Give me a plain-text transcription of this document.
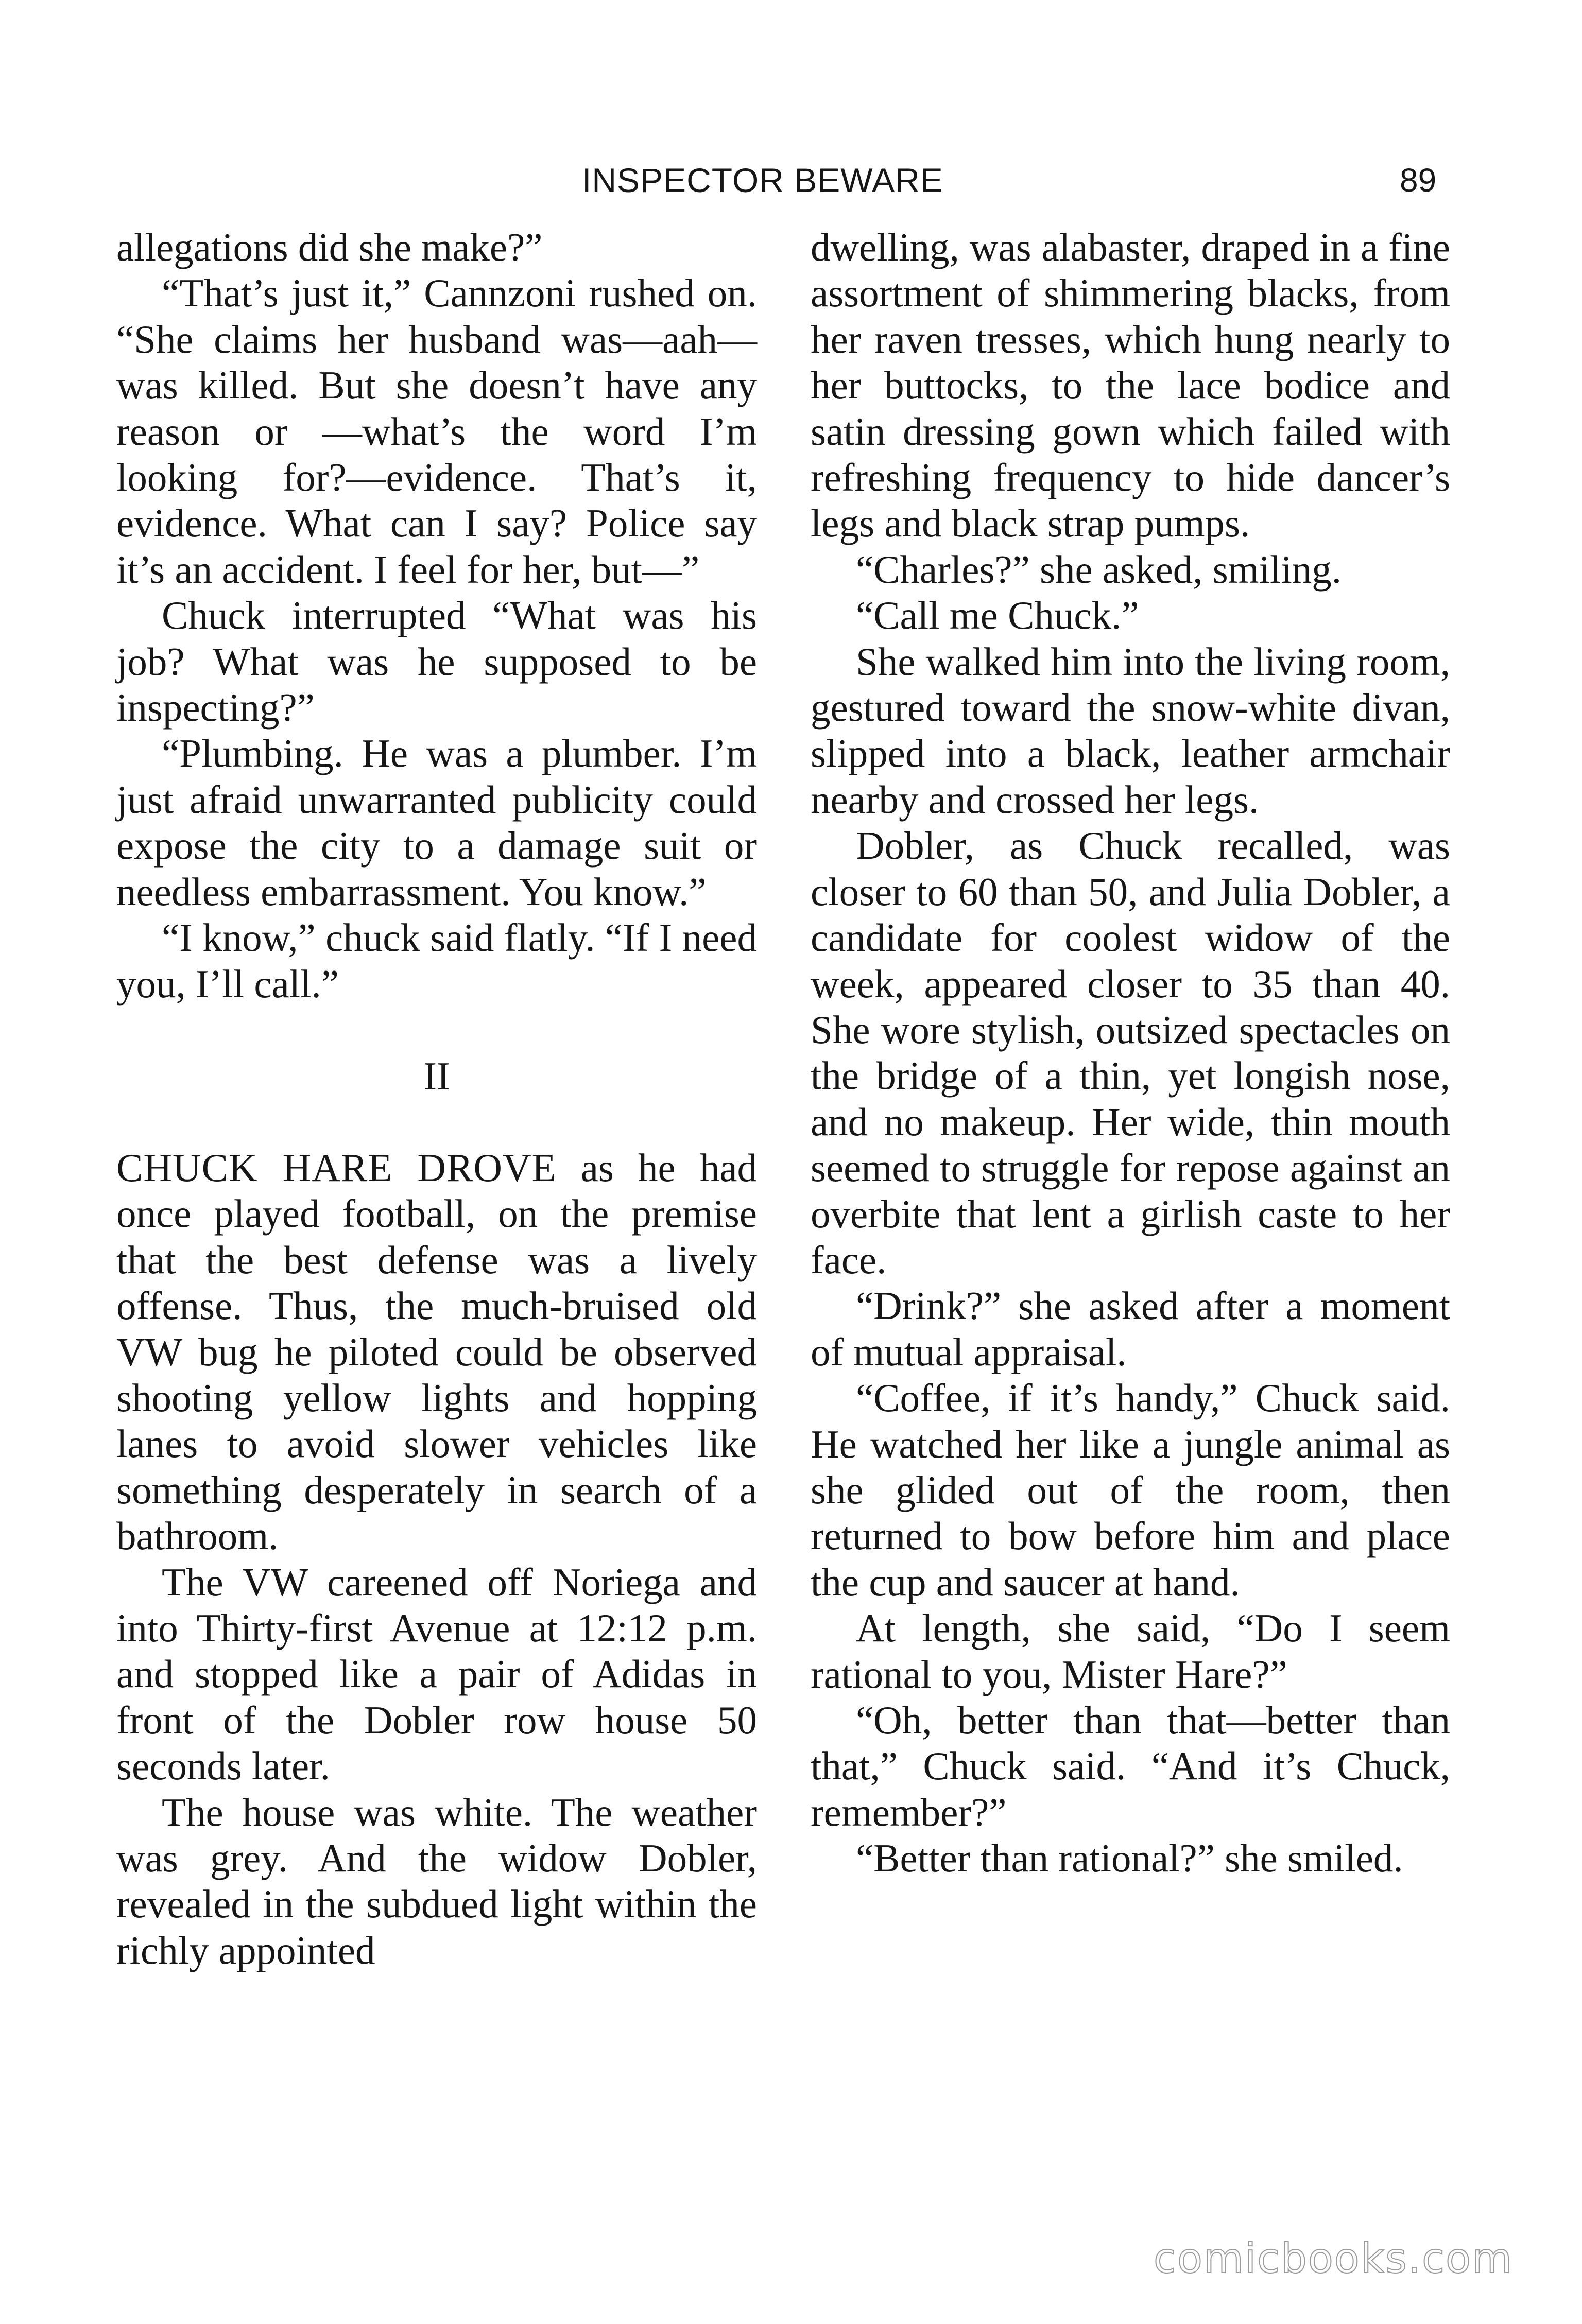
INSPECTOR BEWARE	89

allegations did she make?”

“That’s just it,” Cannzoni rushed on. “She claims her husband was—aah—was killed. But she doesn’t have any reason or —what’s the word I’m looking for?—evidence. That’s it, evidence. What can I say? Police say it’s an accident. I feel for her, but—”

Chuck interrupted “What was his job? What was he supposed to be inspecting?”

“Plumbing. He was a plumber. I’m just afraid unwarranted publicity could expose the city to a damage suit or needless embarrassment. You know.”

“I know,” chuck said flatly. “If I need you, I’ll call.”

II

CHUCK HARE DROVE as he had once played football, on the premise that the best defense was a lively offense. Thus, the much-bruised old VW bug he piloted could be observed shooting yellow lights and hopping lanes to avoid slower vehicles like something desperately in search of a bathroom.

The VW careened off Noriega and into Thirty-first Avenue at 12:12 p.m. and stopped like a pair of Adidas in front of the Dobler row house 50 seconds later.

The house was white. The weather was grey. And the widow Dobler, revealed in the subdued light within the richly appointed

dwelling, was alabaster, draped in a fine assortment of shimmering blacks, from her raven tresses, which hung nearly to her buttocks, to the lace bodice and satin dressing gown which failed with refreshing frequency to hide dancer’s legs and black strap pumps.

“Charles?” she asked, smiling.

“Call me Chuck.”

She walked him into the living room, gestured toward the snow-white divan, slipped into a black, leather armchair nearby and crossed her legs.

Dobler, as Chuck recalled, was closer to 60 than 50, and Julia Dobler, a candidate for coolest widow of the week, appeared closer to 35 than 40. She wore stylish, outsized spectacles on the bridge of a thin, yet longish nose, and no makeup. Her wide, thin mouth seemed to struggle for repose against an overbite that lent a girlish caste to her face.

“Drink?” she asked after a moment of mutual appraisal.

“Coffee, if it’s handy,” Chuck said. He watched her like a jungle animal as she glided out of the room, then returned to bow before him and place the cup and saucer at hand.

At length, she said, “Do I seem rational to you, Mister Hare?”

“Oh, better than that—better than that,” Chuck said. “And it’s Chuck, remember?”

“Better than rational?” she smiled.

comicbooks.com
